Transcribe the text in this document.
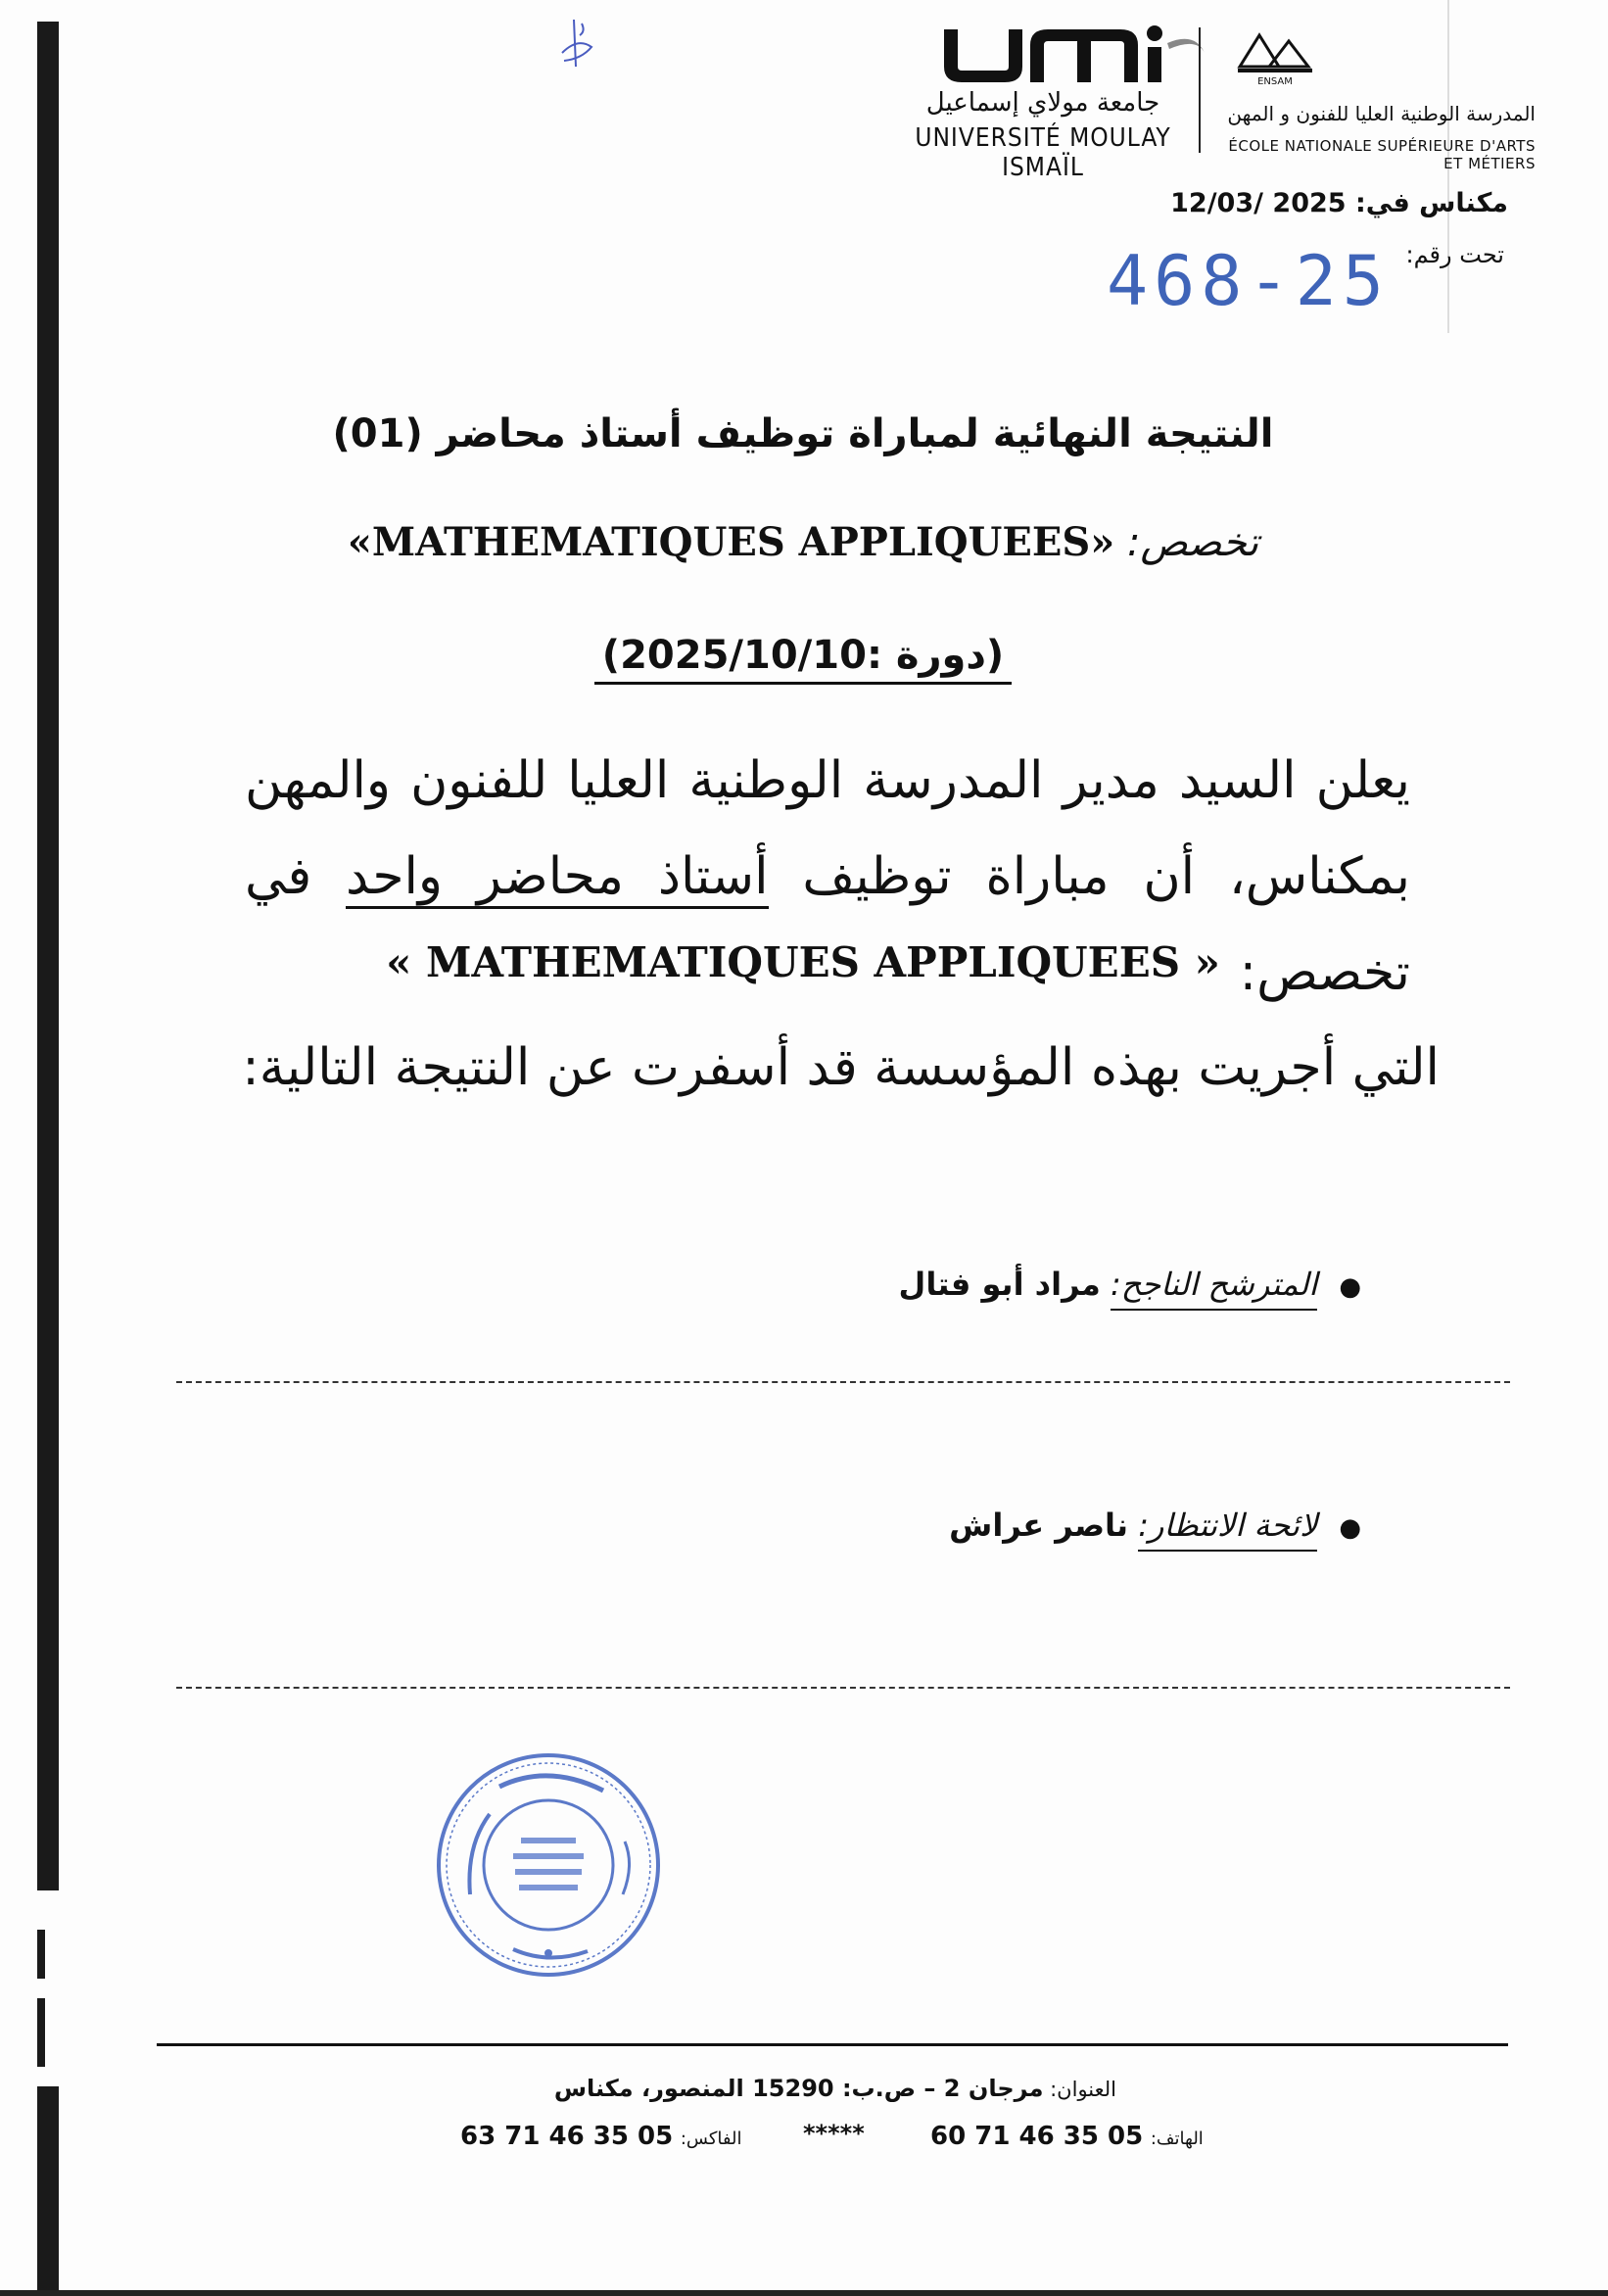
جامعة مولاي إسماعيل
UNIVERSITÉ MOULAY ISMAÏL
ENSAM
المدرسة الوطنية العليا للفنون و المهن
ÉCOLE NATIONALE SUPÉRIEURE D'ARTS ET MÉTIERS
مكناس في: 2025 /12/03
تحت رقم:
468-25
النتيجة النهائية لمباراة توظيف أستاذ محاضر (01)
تخصص: «MATHEMATIQUES APPLIQUEES»
(دورة :2025/10/10)
يعلن السيد مدير المدرسة الوطنية العليا للفنون والمهن بمكناس، أن مباراة توظيف أستاذ محاضر واحد في تخصص:
« MATHEMATIQUES APPLIQUEES »
التي أجريت بهذه المؤسسة قد أسفرت عن النتيجة التالية:
●المترشح الناجح: مراد أبو فتال
●لائحة الانتظار: ناصر عراش
العنوان: مرجان 2 – ص.ب: 15290 المنصور، مكناس
الفاكس: 05 35 46 71 63	*****	الهاتف: 05 35 46 71 60
